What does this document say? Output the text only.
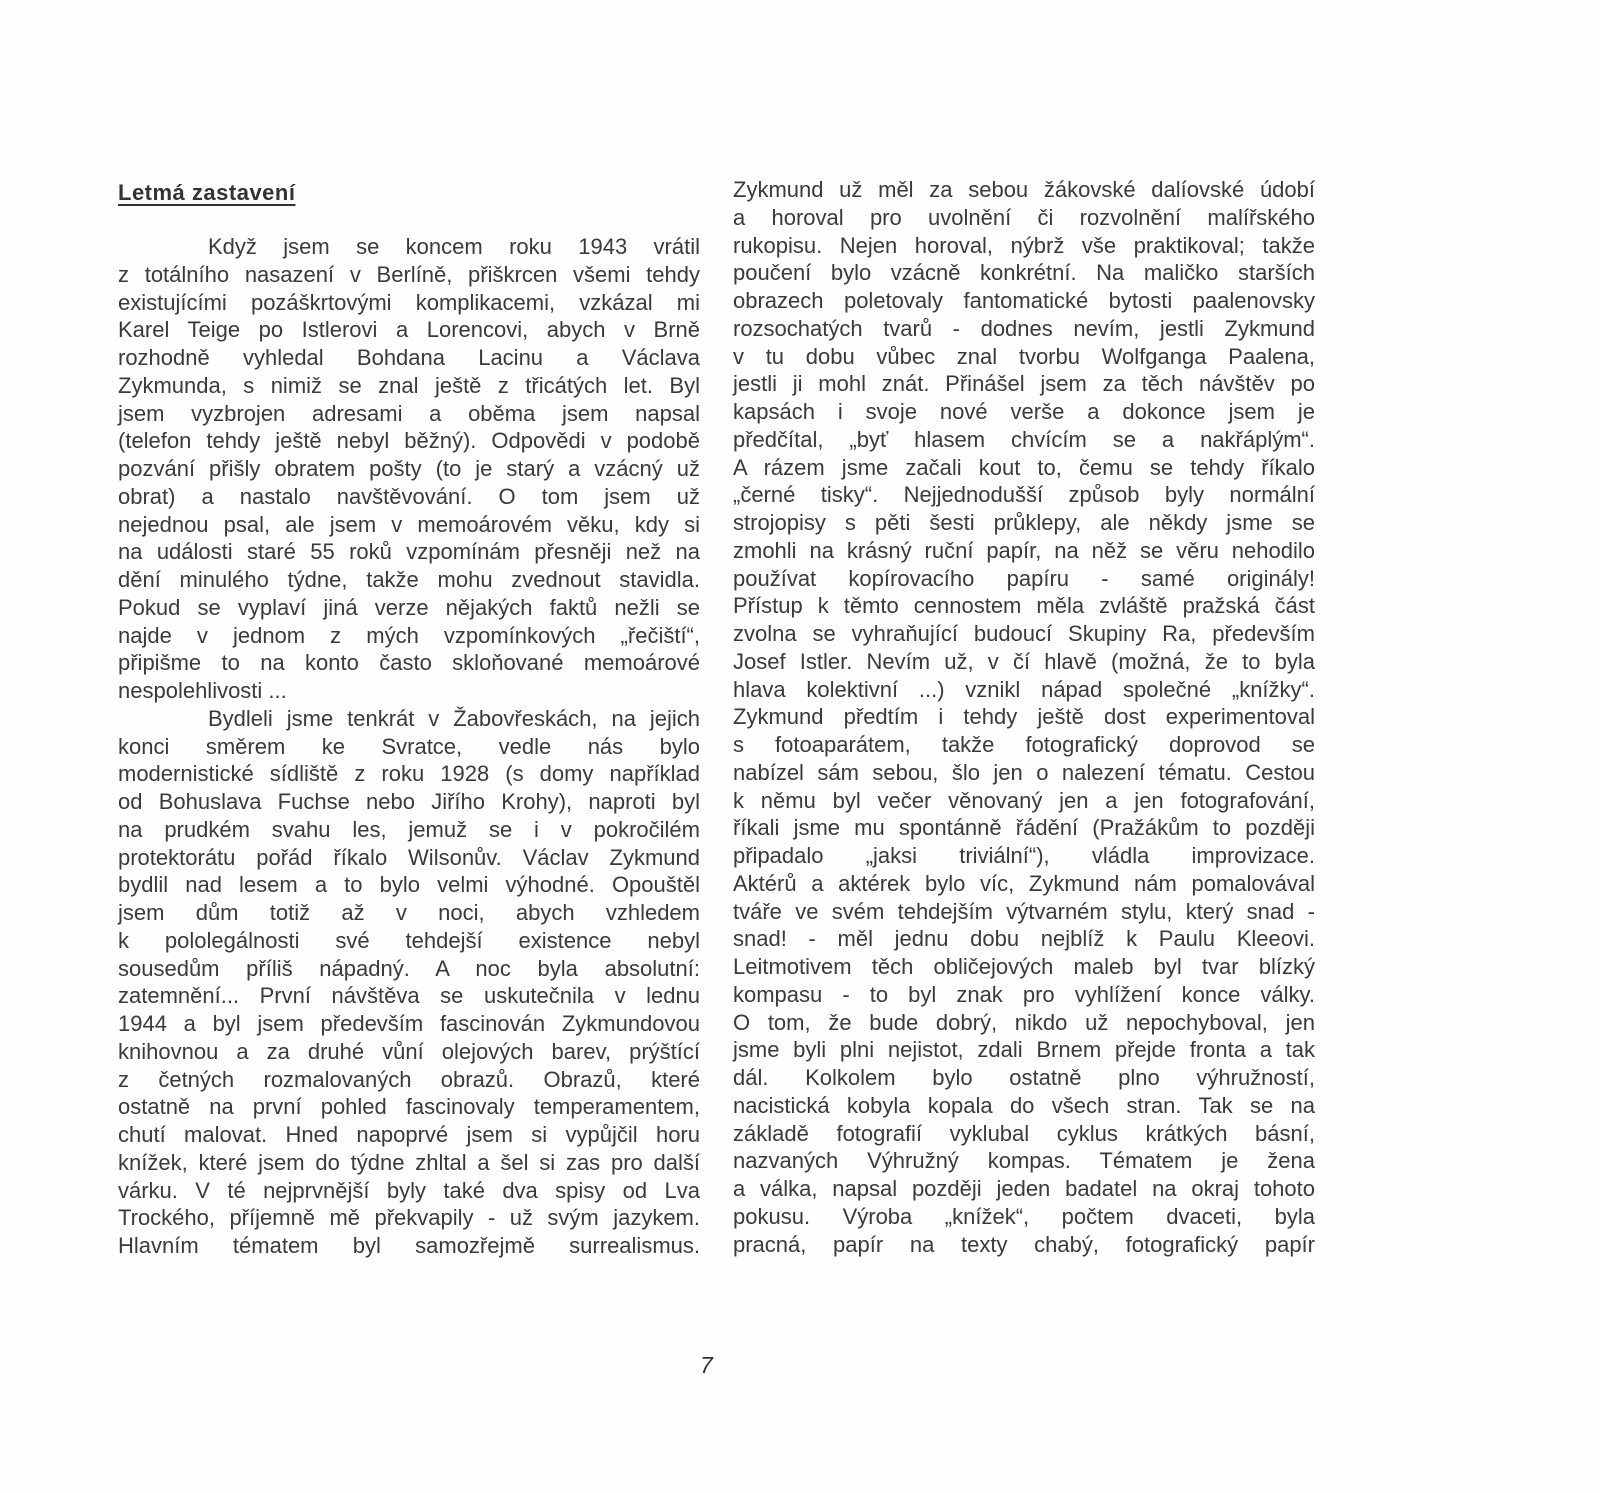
Letmá zastavení
Když jsem se koncem roku 1943 vrátil
z totálního nasazení v Berlíně, přiškrcen všemi tehdy
existujícími pozáškrtovými komplikacemi, vzkázal mi
Karel Teige po Istlerovi a Lorencovi, abych v Brně
rozhodně vyhledal Bohdana Lacinu a Václava
Zykmunda, s nimiž se znal ještě z třicátých let. Byl
jsem vyzbrojen adresami a oběma jsem napsal
(telefon tehdy ještě nebyl běžný). Odpovědi v podobě
pozvání přišly obratem pošty (to je starý a vzácný už
obrat) a nastalo navštěvování. O tom jsem už
nejednou psal, ale jsem v memoárovém věku, kdy si
na události staré 55 roků vzpomínám přesněji než na
dění minulého týdne, takže mohu zvednout stavidla.
Pokud se vyplaví jiná verze nějakých faktů nežli se
najde v jednom z mých vzpomínkových „řečiští“,
připišme to na konto často skloňované memoárové
nespolehlivosti ...
Bydleli jsme tenkrát v Žabovřeskách, na jejich
konci směrem ke Svratce, vedle nás bylo
modernistické sídliště z roku 1928 (s domy například
od Bohuslava Fuchse nebo Jiřího Krohy), naproti byl
na prudkém svahu les, jemuž se i v pokročilém
protektorátu pořád říkalo Wilsonův. Václav Zykmund
bydlil nad lesem a to bylo velmi výhodné. Opouštěl
jsem dům totiž až v noci, abych vzhledem
k pololegálnosti své tehdejší existence nebyl
sousedům příliš nápadný. A noc byla absolutní:
zatemnění... První návštěva se uskutečnila v lednu
1944 a byl jsem především fascinován Zykmundovou
knihovnou a za druhé vůní olejových barev, prýštící
z četných rozmalovaných obrazů. Obrazů, které
ostatně na první pohled fascinovaly temperamentem,
chutí malovat. Hned napoprvé jsem si vypůjčil horu
knížek, které jsem do týdne zhltal a šel si zas pro další
várku. V té nejprvnější byly také dva spisy od Lva
Trockého, příjemně mě překvapily - už svým jazykem.
Hlavním tématem byl samozřejmě surrealismus.
Zykmund už měl za sebou žákovské dalíovské údobí
a horoval pro uvolnění či rozvolnění malířského
rukopisu. Nejen horoval, nýbrž vše praktikoval; takže
poučení bylo vzácně konkrétní. Na maličko starších
obrazech poletovaly fantomatické bytosti paalenovsky
rozsochatých tvarů - dodnes nevím, jestli Zykmund
v tu dobu vůbec znal tvorbu Wolfganga Paalena,
jestli ji mohl znát. Přinášel jsem za těch návštěv po
kapsách i svoje nové verše a dokonce jsem je
předčítal, „byť hlasem chvícím se a nakřáplým“.
A rázem jsme začali kout to, čemu se tehdy říkalo
„černé tisky“. Nejjednodušší způsob byly normální
strojopisy s pěti šesti průklepy, ale někdy jsme se
zmohli na krásný ruční papír, na něž se věru nehodilo
používat kopírovacího papíru - samé originály!
Přístup k těmto cennostem měla zvláště pražská část
zvolna se vyhraňující budoucí Skupiny Ra, především
Josef Istler. Nevím už, v čí hlavě (možná, že to byla
hlava kolektivní ...) vznikl nápad společné „knížky“.
Zykmund předtím i tehdy ještě dost experimentoval
s fotoaparátem, takže fotografický doprovod se
nabízel sám sebou, šlo jen o nalezení tématu. Cestou
k němu byl večer věnovaný jen a jen fotografování,
říkali jsme mu spontánně řádění (Pražákům to později
připadalo „jaksi triviální“), vládla improvizace.
Aktérů a aktérek bylo víc, Zykmund nám pomalovával
tváře ve svém tehdejším výtvarném stylu, který snad -
snad! - měl jednu dobu nejblíž k Paulu Kleeovi.
Leitmotivem těch obličejových maleb byl tvar blízký
kompasu - to byl znak pro vyhlížení konce války.
O tom, že bude dobrý, nikdo už nepochyboval, jen
jsme byli plni nejistot, zdali Brnem přejde fronta a tak
dál. Kolkolem bylo ostatně plno výhružností,
nacistická kobyla kopala do všech stran. Tak se na
základě fotografií vyklubal cyklus krátkých básní,
nazvaných Výhružný kompas. Tématem je žena
a válka, napsal později jeden badatel na okraj tohoto
pokusu. Výroba „knížek“, počtem dvaceti, byla
pracná, papír na texty chabý, fotografický papír
7
